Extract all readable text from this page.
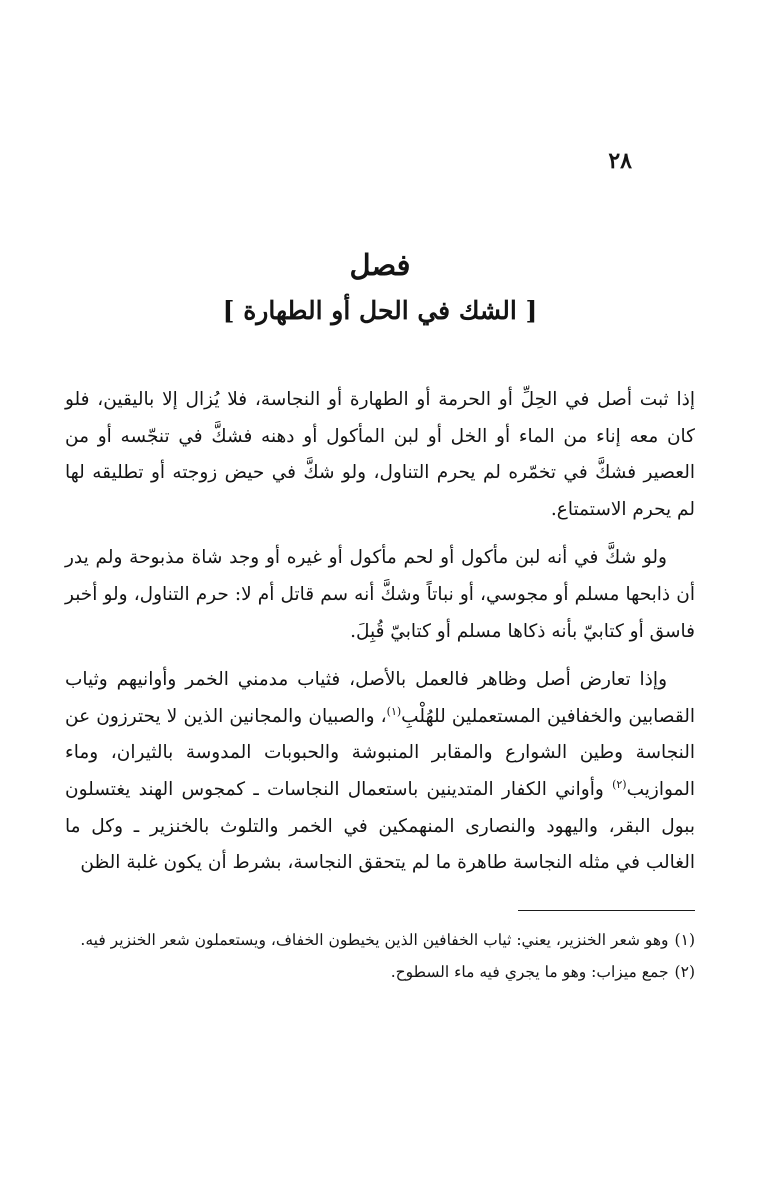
٢٨
فصل
[ الشك في الحل أو الطهارة ]

إذا ثبت أصل في الحِلِّ أو الحرمة أو الطهارة أو النجاسة، فلا يُزال إلا باليقين، فلو كان معه إناء من الماء أو الخل أو لبن المأكول أو دهنه فشكَّ في تنجّسه أو من العصير فشكَّ في تخمّره لم يحرم التناول، ولو شكَّ في حيض زوجته أو تطليقه لها لم يحرم الاستمتاع.

ولو شكَّ في أنه لبن مأكول أو لحم مأكول أو غيره أو وجد شاة مذبوحة ولم يدر أن ذابحها مسلم أو مجوسي، أو نباتاً وشكَّ أنه سم قاتل أم لا: حرم التناول، ولو أخبر فاسق أو كتابيّ بأنه ذكاها مسلم أو كتابيّ قُبِلَ.

وإذا تعارض أصل وظاهر فالعمل بالأصل، فثياب مدمني الخمر وأوانيهم وثياب القصابين والخفافين المستعملين للهُلْبِ$^{(١)}$، والصبيان والمجانين الذين لا يحترزون عن النجاسة وطين الشوارع والمقابر المنبوشة والحبوبات المدوسة بالثيران، وماء الموازيب$^{(٢)}$ وأواني الكفار المتدينين باستعمال النجاسات ـ كمجوس الهند يغتسلون ببول البقر، واليهود والنصارى المنهمكين في الخمر والتلوث بالخنزير ـ وكل ما الغالب في مثله النجاسة طاهرة ما لم يتحقق النجاسة، بشرط أن يكون غلبة الظن

(١)وهو شعر الخنزير، يعني: ثياب الخفافين الذين يخيطون الخفاف، ويستعملون شعر الخنزير فيه.

(٢)جمع ميزاب: وهو ما يجري فيه ماء السطوح.
